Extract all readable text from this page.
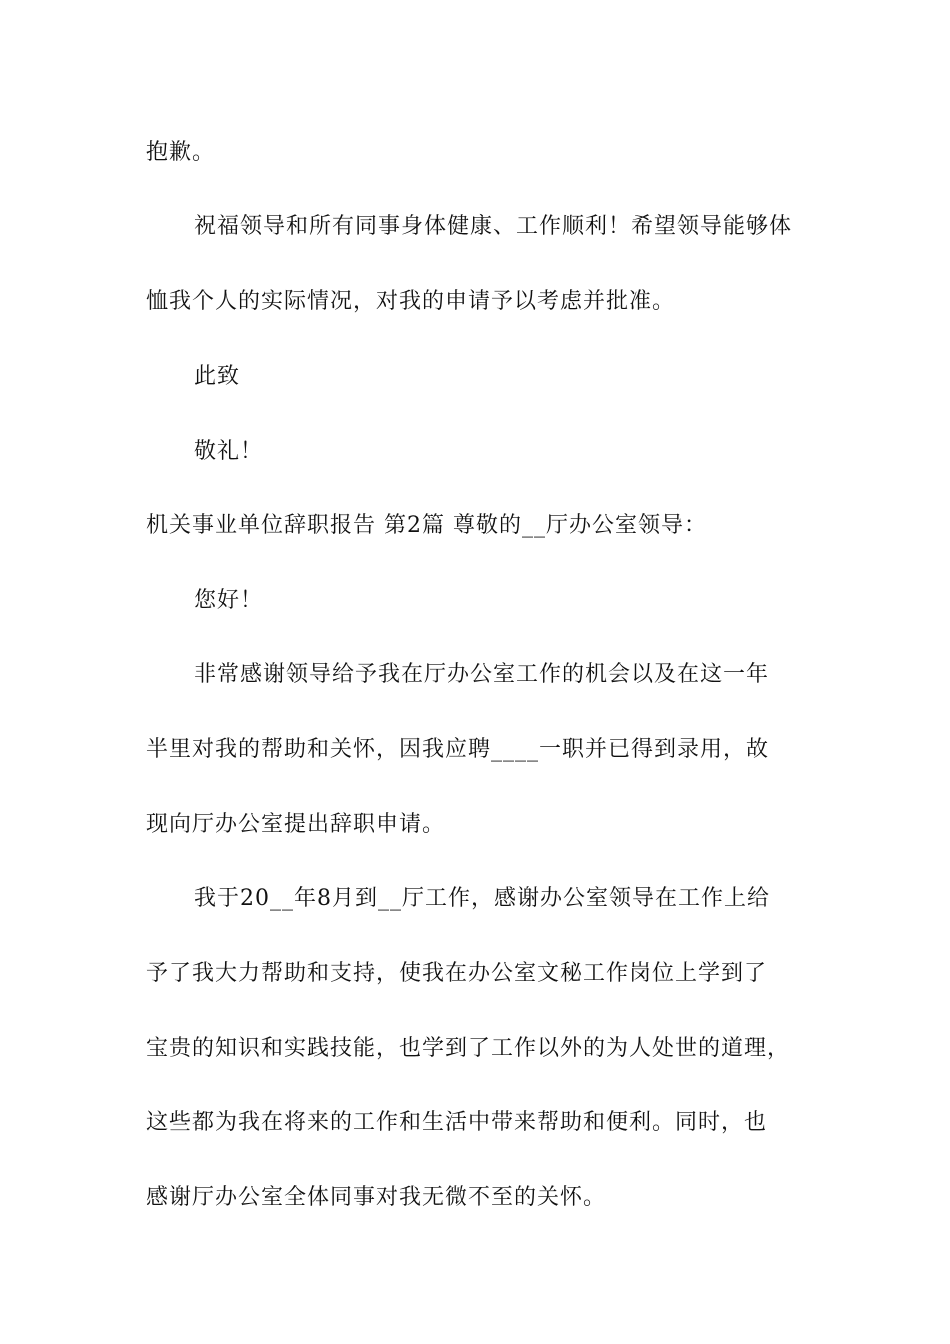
抱歉。
祝福领导和所有同事身体健康、工作顺利！希望领导能够体
恤我个人的实际情况，对我的申请予以考虑并批准。
此致
敬礼！
机关事业单位辞职报告 第2篇 尊敬的__厅办公室领导：
您好！
非常感谢领导给予我在厅办公室工作的机会以及在这一年
半里对我的帮助和关怀，因我应聘____一职并已得到录用，故
现向厅办公室提出辞职申请。
我于20__年8月到__厅工作，感谢办公室领导在工作上给
予了我大力帮助和支持，使我在办公室文秘工作岗位上学到了
宝贵的知识和实践技能，也学到了工作以外的为人处世的道理，
这些都为我在将来的工作和生活中带来帮助和便利。同时，也
感谢厅办公室全体同事对我无微不至的关怀。
